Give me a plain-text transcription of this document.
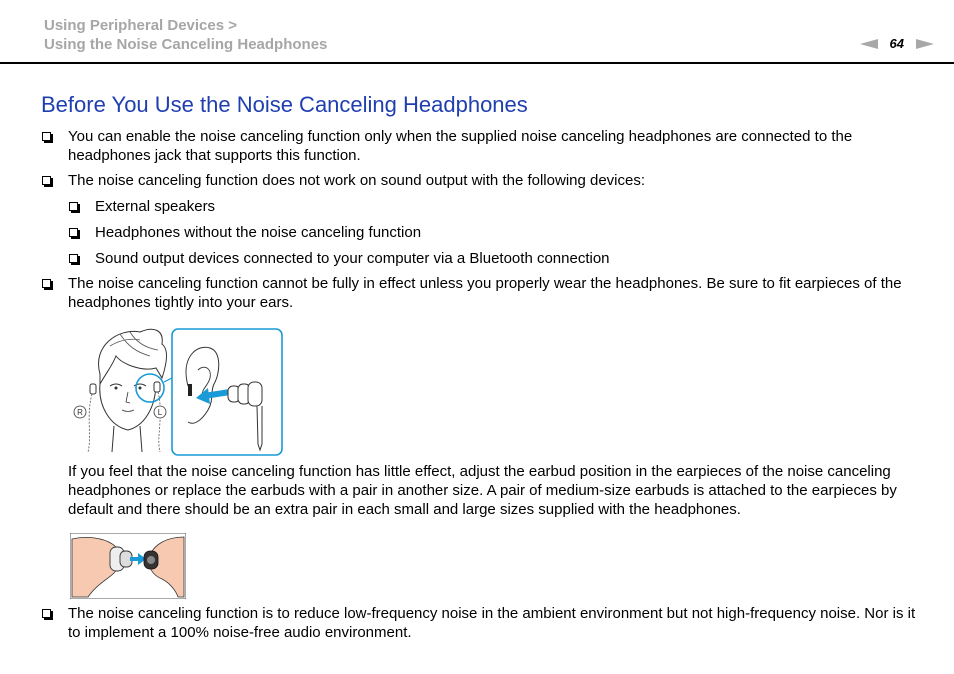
Using Peripheral Devices >
Using the Noise Canceling Headphones	64
Before You Use the Noise Canceling Headphones
You can enable the noise canceling function only when the supplied noise canceling headphones are connected to the headphones jack that supports this function.
The noise canceling function does not work on sound output with the following devices:
External speakers
Headphones without the noise canceling function
Sound output devices connected to your computer via a Bluetooth connection
The noise canceling function cannot be fully in effect unless you properly wear the headphones. Be sure to fit earpieces of the headphones tightly into your ears.
R	L
If you feel that the noise canceling function has little effect, adjust the earbud position in the earpieces of the noise canceling headphones or replace the earbuds with a pair in another size. A pair of medium-size earbuds is attached to the earpieces by default and there should be an extra pair in each small and large sizes supplied with the headphones.
The noise canceling function is to reduce low-frequency noise in the ambient environment but not high-frequency noise. Nor is it to implement a 100% noise-free audio environment.
